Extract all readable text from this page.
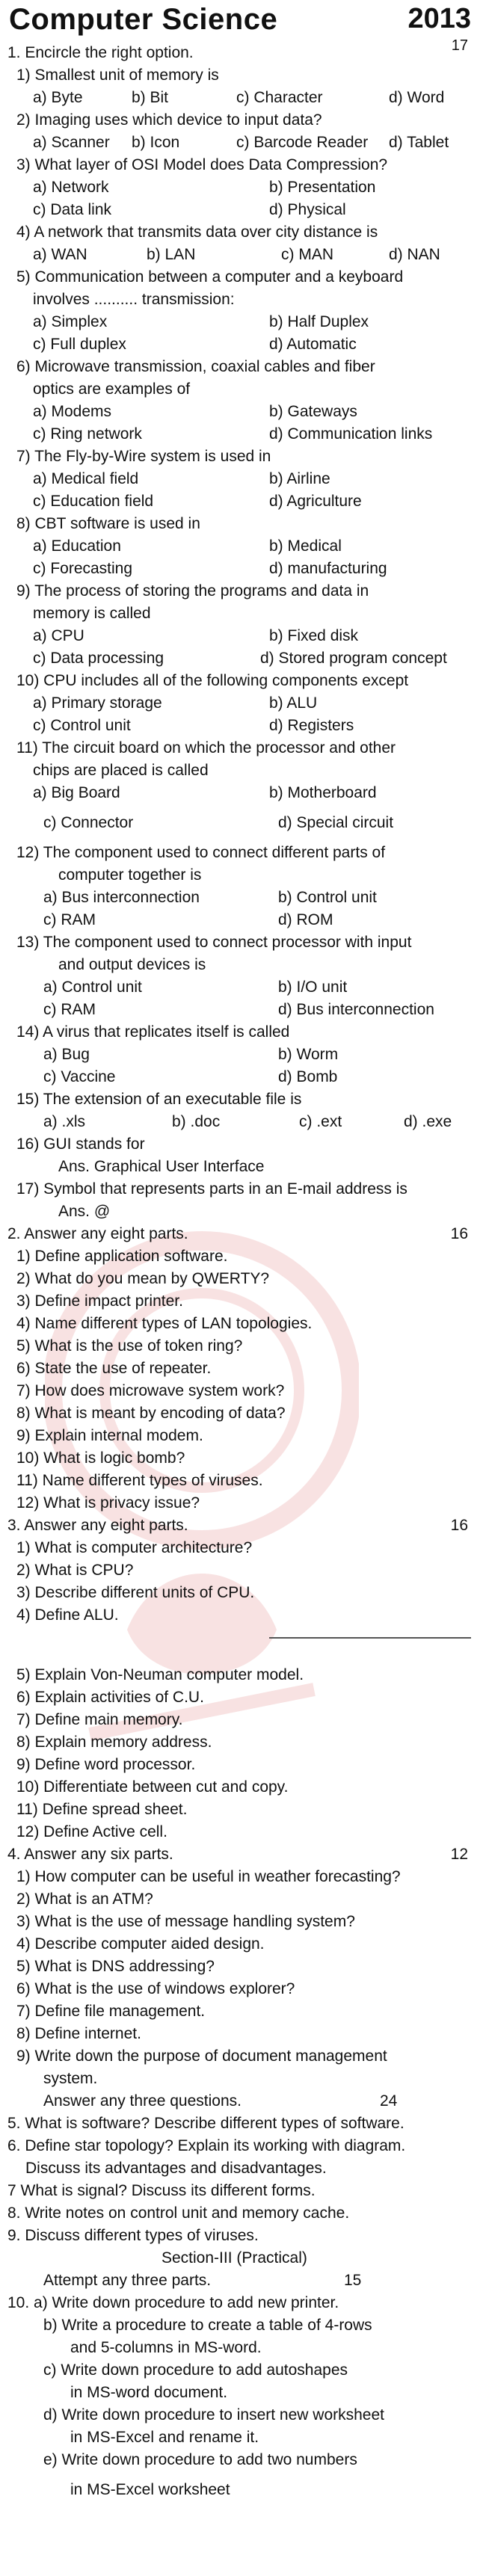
Computer Science	2013
17
1. Encircle the right option.
1) Smallest unit of memory is
a) Byte	b) Bit	c) Character	d) Word
2) Imaging uses which device to input data?
a) Scanner b) Icon	c) Barcode Reader d) Tablet
3) What layer of OSI Model does Data Compression?
a) Network	b) Presentation
c) Data link	d) Physical
4) A network that transmits data over city distance is
a) WAN	b) LAN	c) MAN	d) NAN
5) Communication between a computer and a keyboard
involves .......... transmission:
a) Simplex	b) Half Duplex
c) Full duplex	d) Automatic
6) Microwave transmission, coaxial cables and fiber
optics are examples of
a) Modems	b) Gateways
c) Ring network	d) Communication links
7) The Fly-by-Wire system is used in
a) Medical field	b) Airline
c) Education field	d) Agriculture
8) CBT software is used in
a) Education	b) Medical
c) Forecasting	d) manufacturing
9) The process of storing the programs and data in
memory is called
a) CPU	b) Fixed disk
c) Data processing	d) Stored program concept
10) CPU includes all of the following components except
a) Primary storage	b) ALU
c) Control unit	d) Registers
11) The circuit board on which the processor and other
chips are placed is called
a) Big Board	b) Motherboard
c) Connector	d) Special circuit
12) The component used to connect different parts of
computer together is
a) Bus interconnection	b) Control unit
c) RAM	d) ROM
13) The component used to connect processor with input
and output devices is
a) Control unit	b) I/O unit
c) RAM	d) Bus interconnection
14) A virus that replicates itself is called
a) Bug	b) Worm
c) Vaccine	d) Bomb
15) The extension of an executable file is
a) .xls	b) .doc	c) .ext	d) .exe
16) GUI stands for
Ans. Graphical User Interface
17) Symbol that represents parts in an E-mail address is
Ans. @
2. Answer any eight parts.	16
1) Define application software.
2) What do you mean by QWERTY?
3) Define impact printer.
4) Name different types of LAN topologies.
5) What is the use of token ring?
6) State the use of repeater.
7) How does microwave system work?
8) What is meant by encoding of data?
9) Explain internal modem.
10) What is logic bomb?
11) Name different types of viruses.
12) What is privacy issue?
3. Answer any eight parts.	16
1) What is computer architecture?
2) What is CPU?
3) Describe different units of CPU.
4) Define ALU.
5) Explain Von-Neuman computer model.
6) Explain activities of C.U.
7) Define main memory.
8) Explain memory address.
9) Define word processor.
10) Differentiate between cut and copy.
11) Define spread sheet.
12) Define Active cell.
4. Answer any six parts.	12
1) How computer can be useful in weather forecasting?
2) What is an ATM?
3) What is the use of message handling system?
4) Describe computer aided design.
5) What is DNS addressing?
6) What is the use of windows explorer?
7) Define file management.
8) Define internet.
9) Write down the purpose of document management
system.
Answer any three questions.	24
5. What is software? Describe different types of software.
6. Define star topology? Explain its working with diagram.
Discuss its advantages and disadvantages.
7 What is signal? Discuss its different forms.
8. Write notes on control unit and memory cache.
9. Discuss different types of viruses.
Section-III (Practical)
Attempt any three parts.	15
10. a) Write down procedure to add new printer.
b) Write a procedure to create a table of 4-rows
and 5-columns in MS-word.
c) Write down procedure to add autoshapes
in MS-word document.
d) Write down procedure to insert new worksheet
in MS-Excel and rename it.
e) Write down procedure to add two numbers
in MS-Excel worksheet
